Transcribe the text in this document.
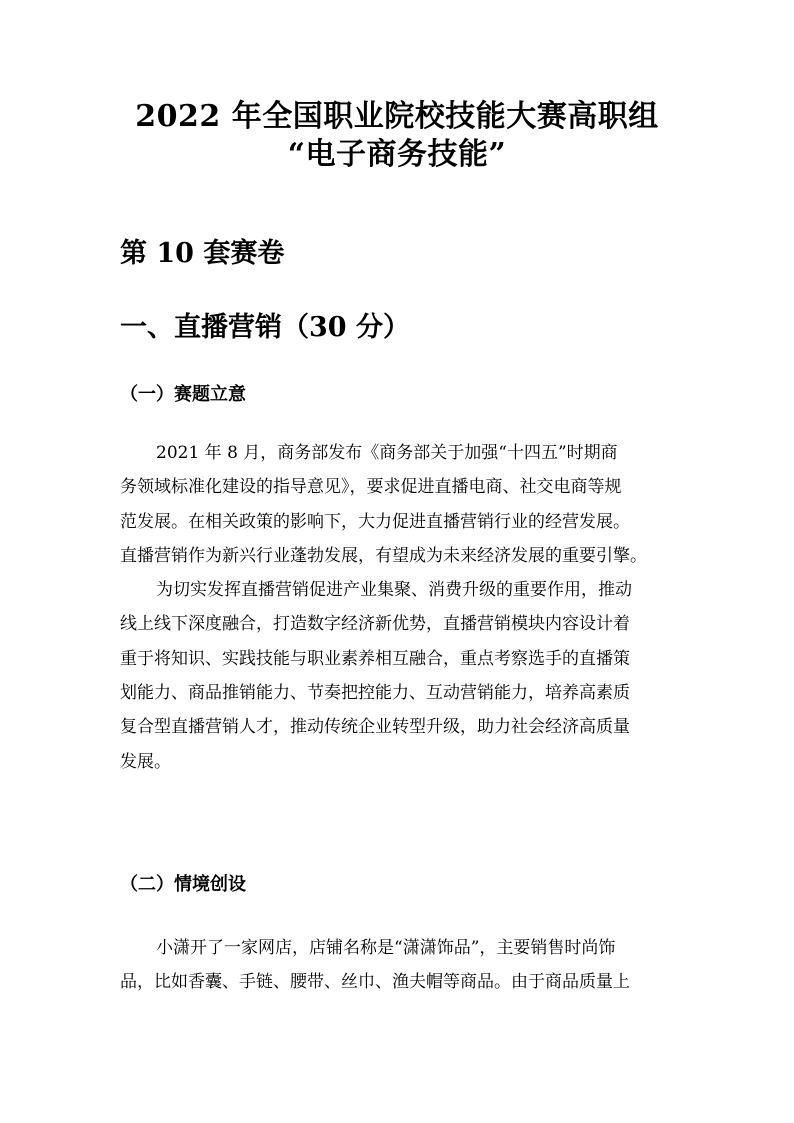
2022 年全国职业院校技能大赛高职组
“电子商务技能”
第 10 套赛卷
一、直播营销（30 分）
（一）赛题立意
2021 年 8 月，商务部发布《商务部关于加强“十四五”时期商
务领域标准化建设的指导意见》，要求促进直播电商、社交电商等规
范发展。在相关政策的影响下，大力促进直播营销行业的经营发展。
直播营销作为新兴行业蓬勃发展，有望成为未来经济发展的重要引擎。
为切实发挥直播营销促进产业集聚、消费升级的重要作用，推动
线上线下深度融合，打造数字经济新优势，直播营销模块内容设计着
重于将知识、实践技能与职业素养相互融合，重点考察选手的直播策
划能力、商品推销能力、节奏把控能力、互动营销能力，培养高素质
复合型直播营销人才，推动传统企业转型升级，助力社会经济高质量
发展。
（二）情境创设
小潇开了一家网店，店铺名称是“潇潇饰品”，主要销售时尚饰
品，比如香囊、手链、腰带、丝巾、渔夫帽等商品。由于商品质量上
